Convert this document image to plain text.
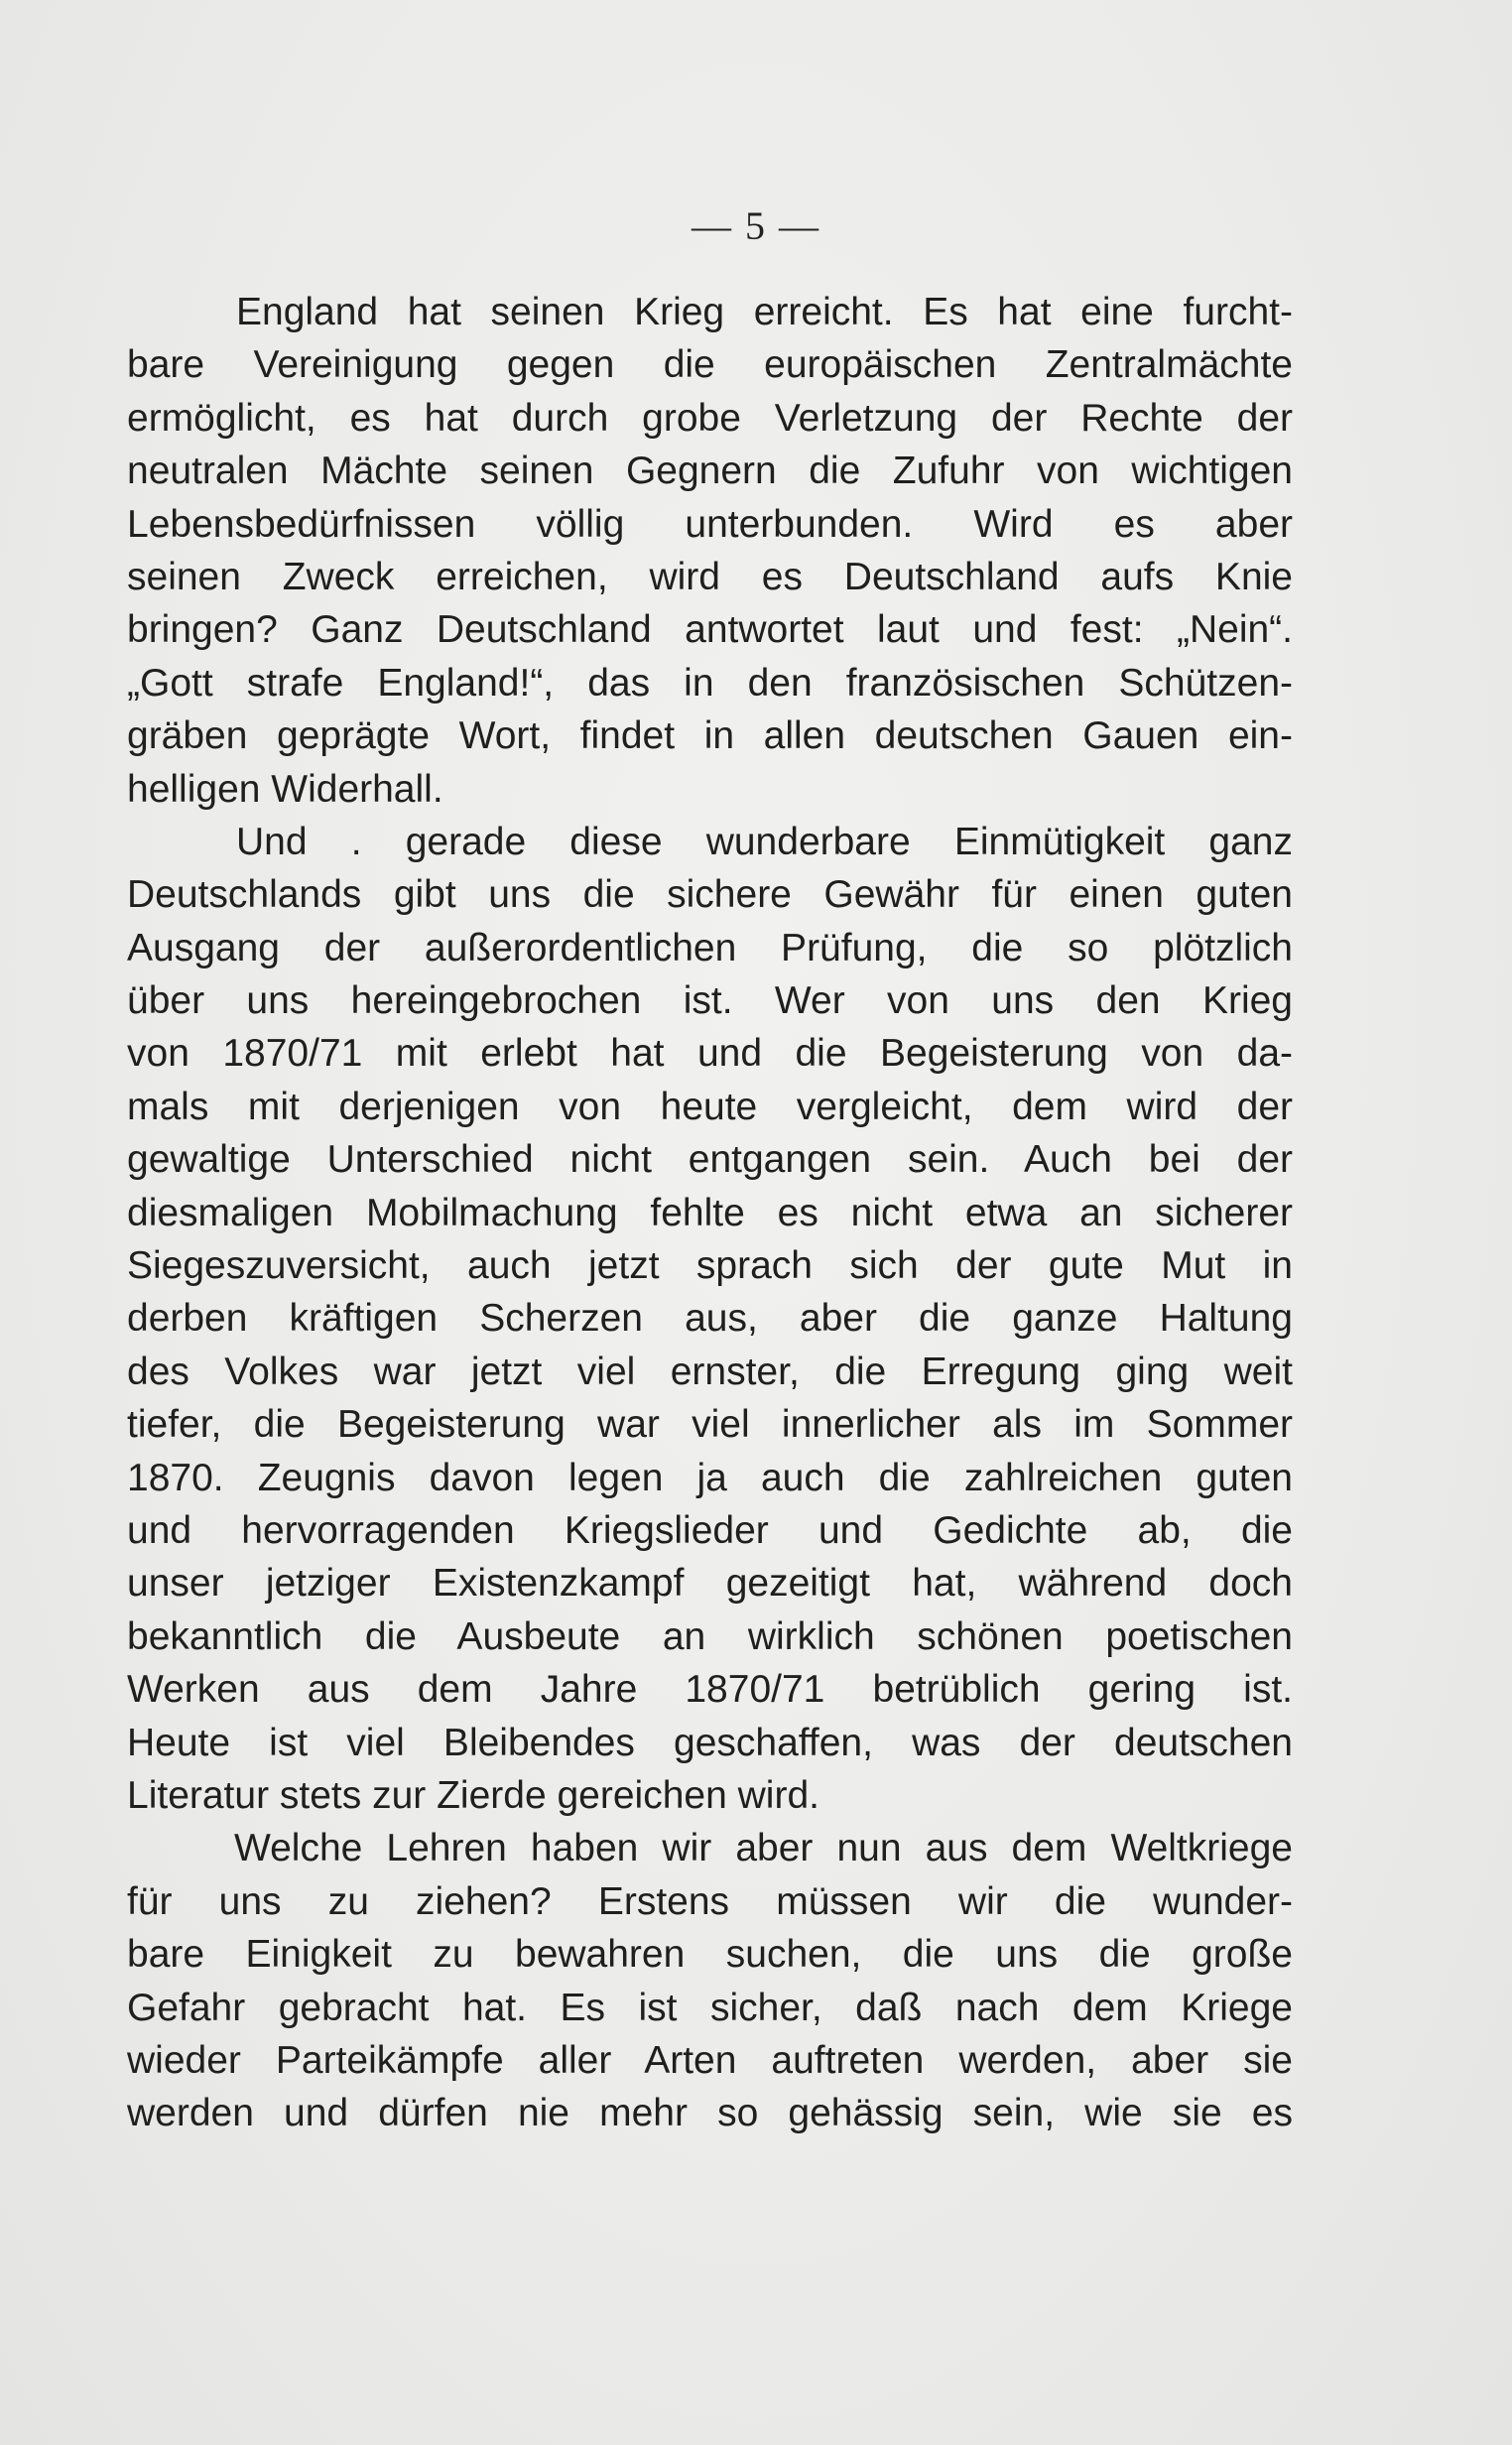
— 5 —
England hat seinen Krieg erreicht. Es hat eine furcht-
bare Vereinigung gegen die europäischen Zentralmächte
ermöglicht, es hat durch grobe Verletzung der Rechte der
neutralen Mächte seinen Gegnern die Zufuhr von wichtigen
Lebensbedürfnissen völlig unterbunden. Wird es aber
seinen Zweck erreichen, wird es Deutschland aufs Knie
bringen? Ganz Deutschland antwortet laut und fest: „Nein“.
„Gott strafe England!“, das in den französischen Schützen-
gräben geprägte Wort, findet in allen deutschen Gauen ein-
helligen Widerhall.
Und . gerade diese wunderbare Einmütigkeit ganz
Deutschlands gibt uns die sichere Gewähr für einen guten
Ausgang der außerordentlichen Prüfung, die so plötzlich
über uns hereingebrochen ist. Wer von uns den Krieg
von 1870/71 mit erlebt hat und die Begeisterung von da-
mals mit derjenigen von heute vergleicht, dem wird der
gewaltige Unterschied nicht entgangen sein. Auch bei der
diesmaligen Mobilmachung fehlte es nicht etwa an sicherer
Siegeszuversicht, auch jetzt sprach sich der gute Mut in
derben kräftigen Scherzen aus, aber die ganze Haltung
des Volkes war jetzt viel ernster, die Erregung ging weit
tiefer, die Begeisterung war viel innerlicher als im Sommer
1870. Zeugnis davon legen ja auch die zahlreichen guten
und hervorragenden Kriegslieder und Gedichte ab, die
unser jetziger Existenzkampf gezeitigt hat, während doch
bekanntlich die Ausbeute an wirklich schönen poetischen
Werken aus dem Jahre 1870/71 betrüblich gering ist.
Heute ist viel Bleibendes geschaffen, was der deutschen
Literatur stets zur Zierde gereichen wird.
Welche Lehren haben wir aber nun aus dem Weltkriege
für uns zu ziehen? Erstens müssen wir die wunder-
bare Einigkeit zu bewahren suchen, die uns die große
Gefahr gebracht hat. Es ist sicher, daß nach dem Kriege
wieder Parteikämpfe aller Arten auftreten werden, aber sie
werden und dürfen nie mehr so gehässig sein, wie sie es
